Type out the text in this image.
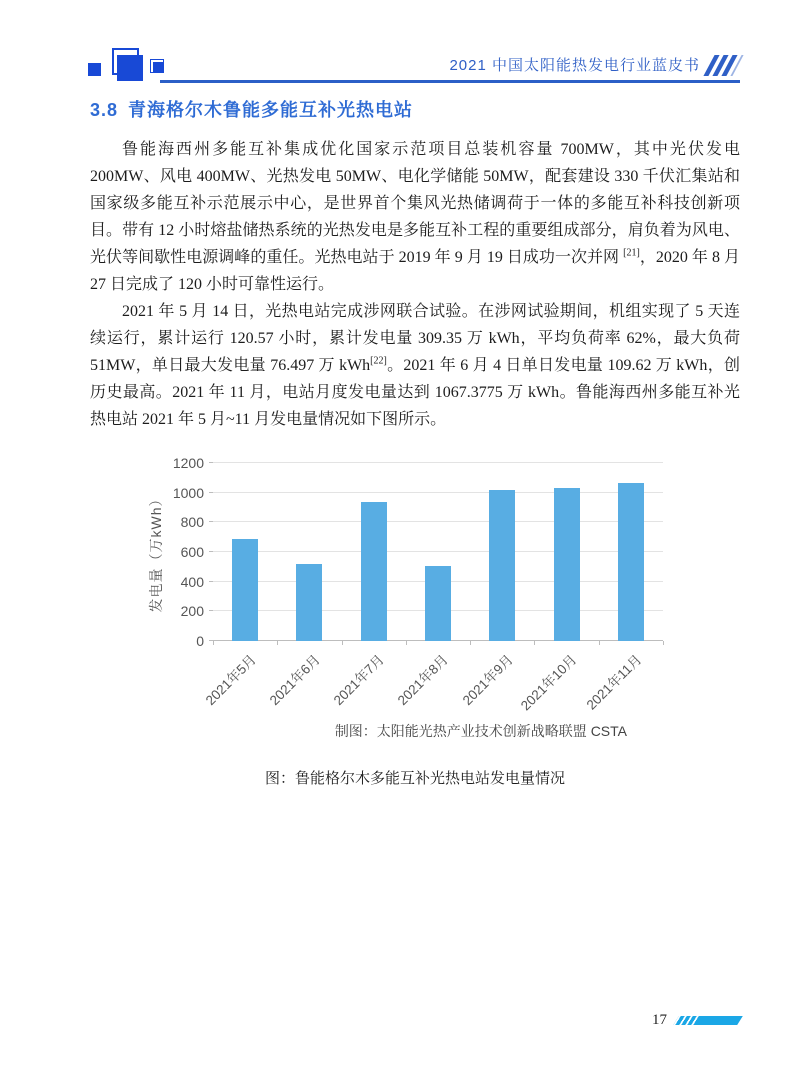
2021 中国太阳能热发电行业蓝皮书
3.8 青海格尔木鲁能多能互补光热电站

鲁能海西州多能互补集成优化国家示范项目总装机容量 700MW，其中光伏发电 200MW、风电 400MW、光热发电 50MW、电化学储能 50MW，配套建设 330 千伏汇集站和国家级多能互补示范展示中心，是世界首个集风光热储调荷于一体的多能互补科技创新项目。带有 12 小时熔盐储热系统的光热发电是多能互补工程的重要组成部分，肩负着为风电、光伏等间歇性电源调峰的重任。光热电站于 2019 年 9 月 19 日成功一次并网 [21]，2020 年 8 月 27 日完成了 120 小时可靠性运行。

2021 年 5 月 14 日，光热电站完成涉网联合试验。在涉网试验期间，机组实现了 5 天连续运行，累计运行 120.57 小时，累计发电量 309.35 万 kWh，平均负荷率 62%，最大负荷 51MW，单日最大发电量 76.497 万 kWh[22]。2021 年 6 月 4 日单日发电量 109.62 万 kWh，创历史最高。2021 年 11 月，电站月度发电量达到 1067.3775 万 kWh。鲁能海西州多能互补光热电站 2021 年 5 月~11 月发电量情况如下图所示。

发电量（万kWh）
0
200
400
600
800
1000
1200
2021年5月 2021年6月 2021年7月 2021年8月 2021年9月 2021年10月 2021年11月
制图：太阳能光热产业技术创新战略联盟 CSTA
图：鲁能格尔木多能互补光热电站发电量情况
17
